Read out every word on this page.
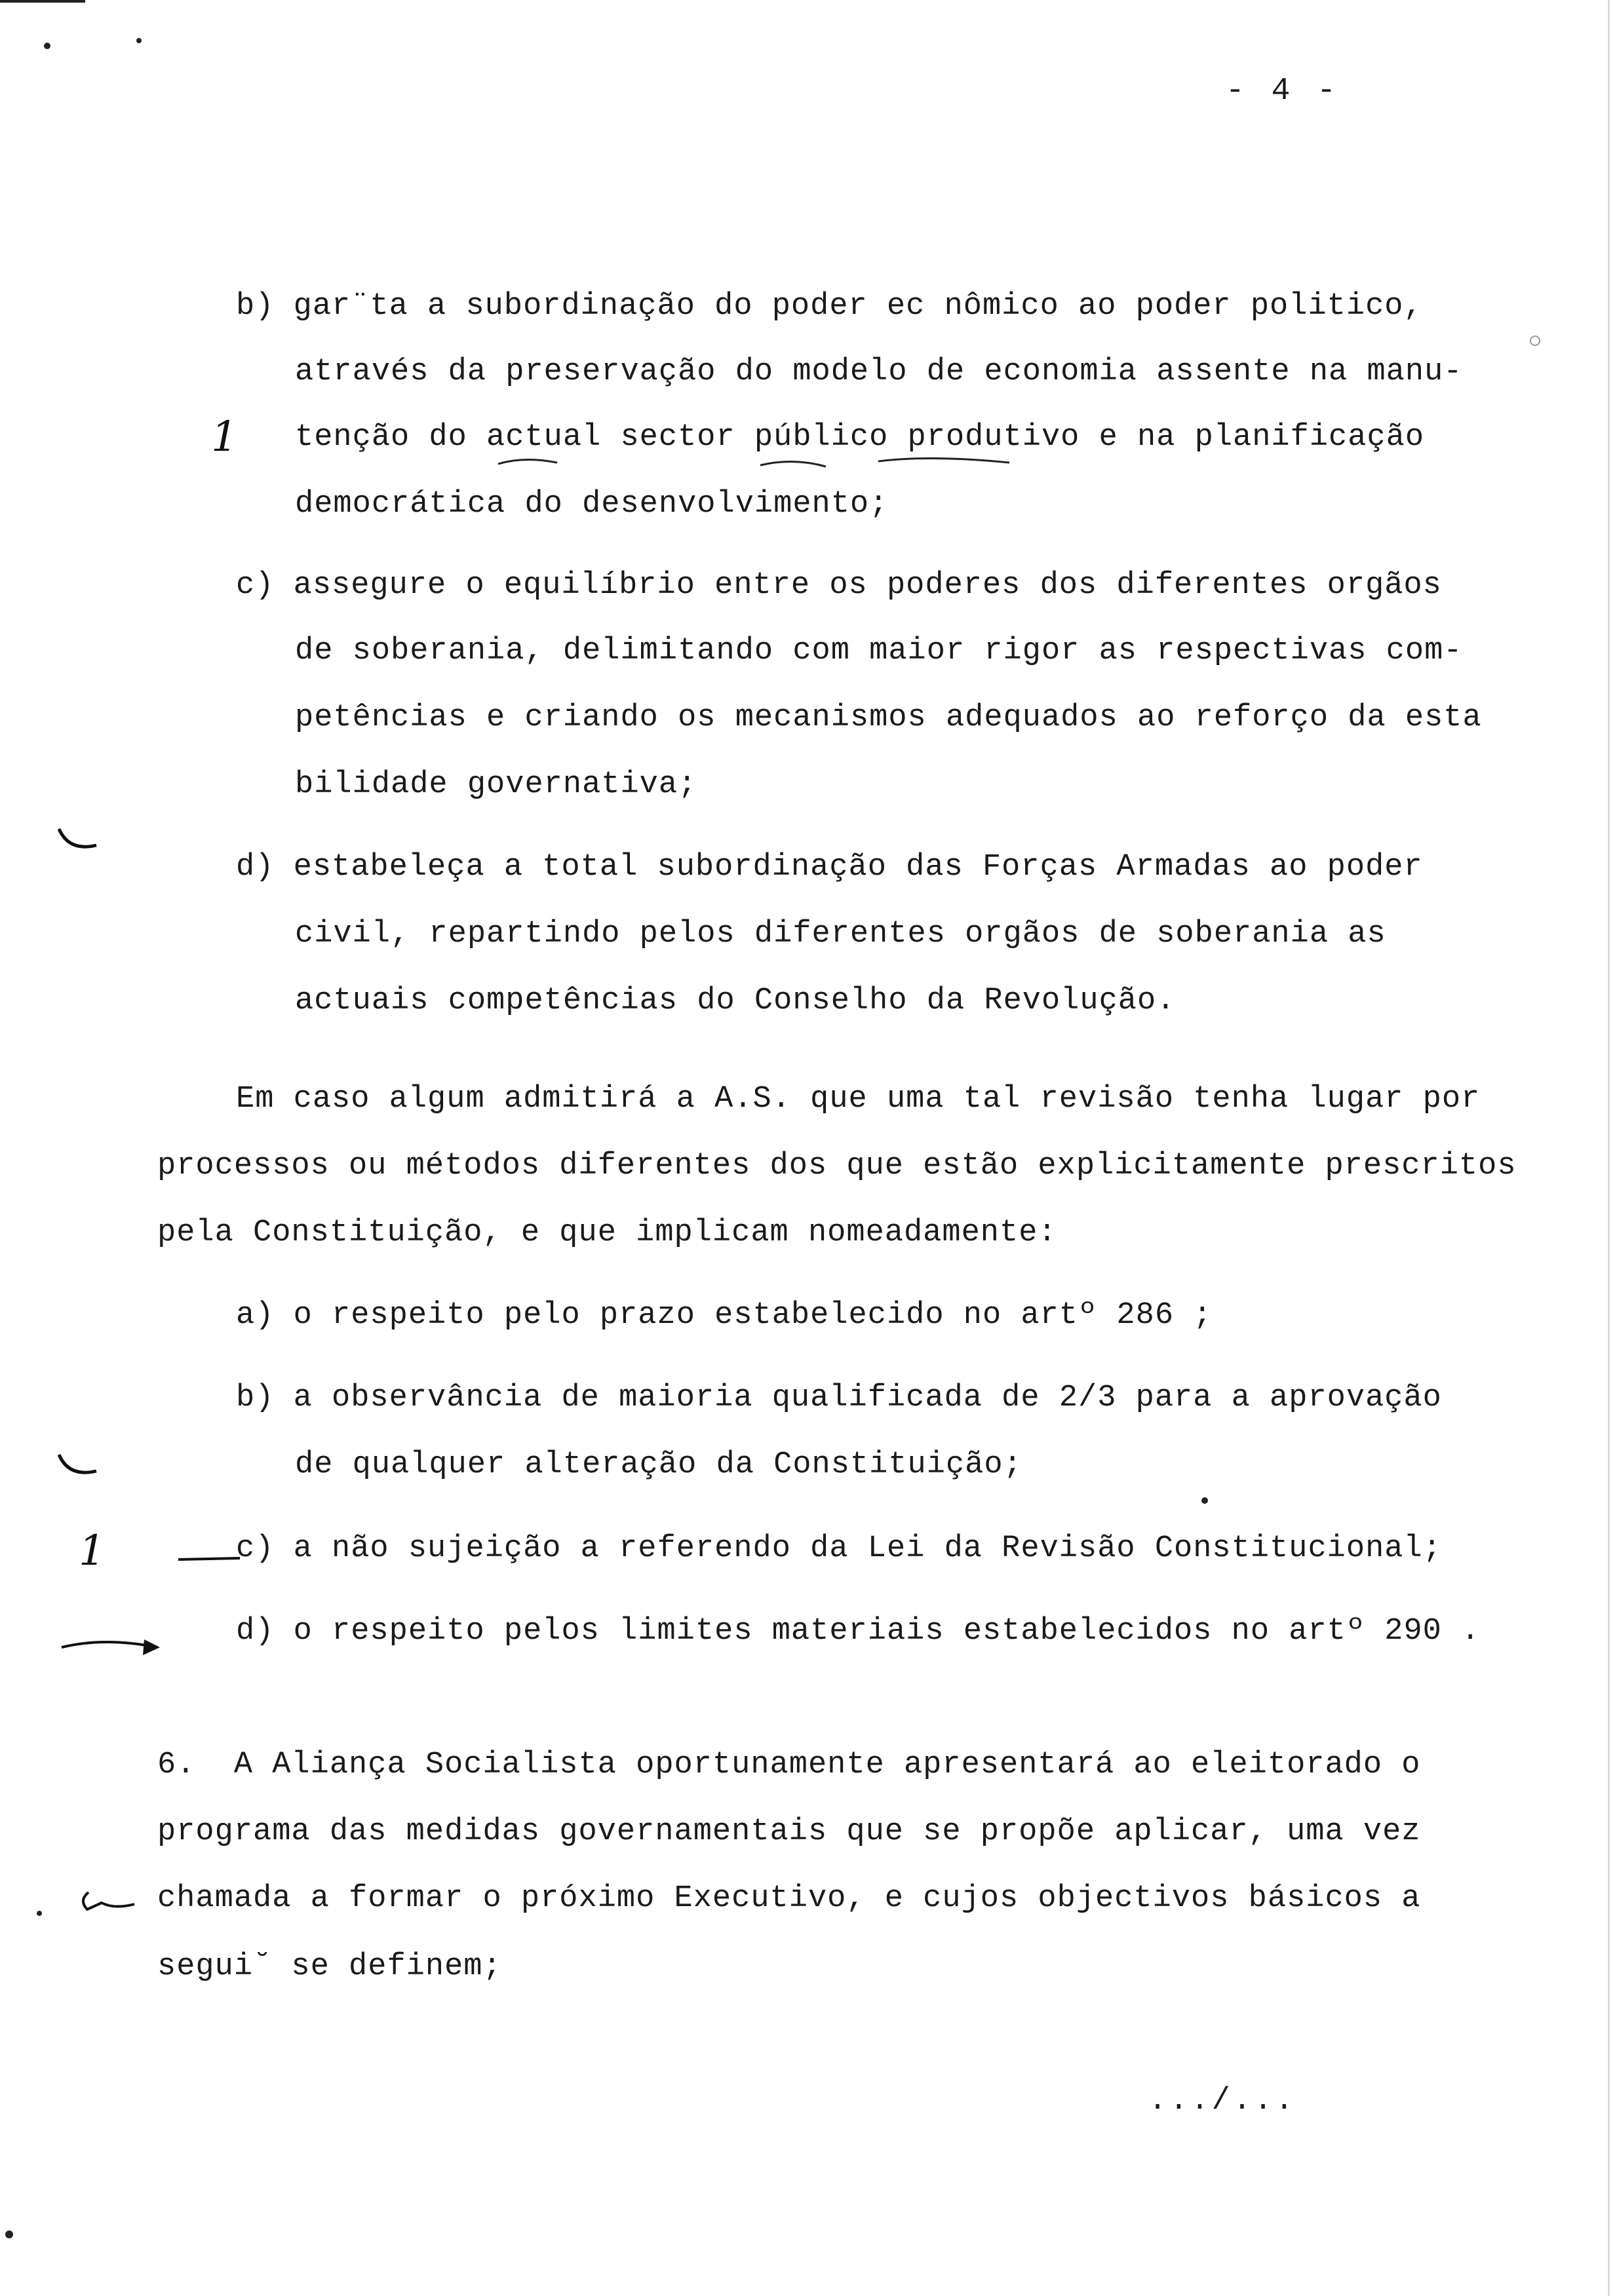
- 4 -
b) gar¨ta a subordinação do poder ec nômico ao poder politico,
através da preservação do modelo de economia assente na manu-
tenção do actual sector público produtivo e na planificação
democrática do desenvolvimento;
c) assegure o equilíbrio entre os poderes dos diferentes orgãos
de soberania, delimitando com maior rigor as respectivas com-
petências e criando os mecanismos adequados ao reforço da esta
bilidade governativa;
d) estabeleça a total subordinação das Forças Armadas ao poder
civil, repartindo pelos diferentes orgãos de soberania as
actuais competências do Conselho da Revolução.
Em caso algum admitirá a A.S. que uma tal revisão tenha lugar por
processos ou métodos diferentes dos que estão explicitamente prescritos
pela Constituição, e que implicam nomeadamente:
a) o respeito pelo prazo estabelecido no artº 286 ;
b) a observância de maioria qualificada de 2/3 para a aprovação
de qualquer alteração da Constituição;
c) a não sujeição a referendo da Lei da Revisão Constitucional;
d) o respeito pelos limites materiais estabelecidos no artº 290 .
6.  A Aliança Socialista oportunamente apresentará ao eleitorado o
programa das medidas governamentais que se propõe aplicar, uma vez
chamada a formar o próximo Executivo, e cujos objectivos básicos a
segui˘ se definem;
.../...
1
1
